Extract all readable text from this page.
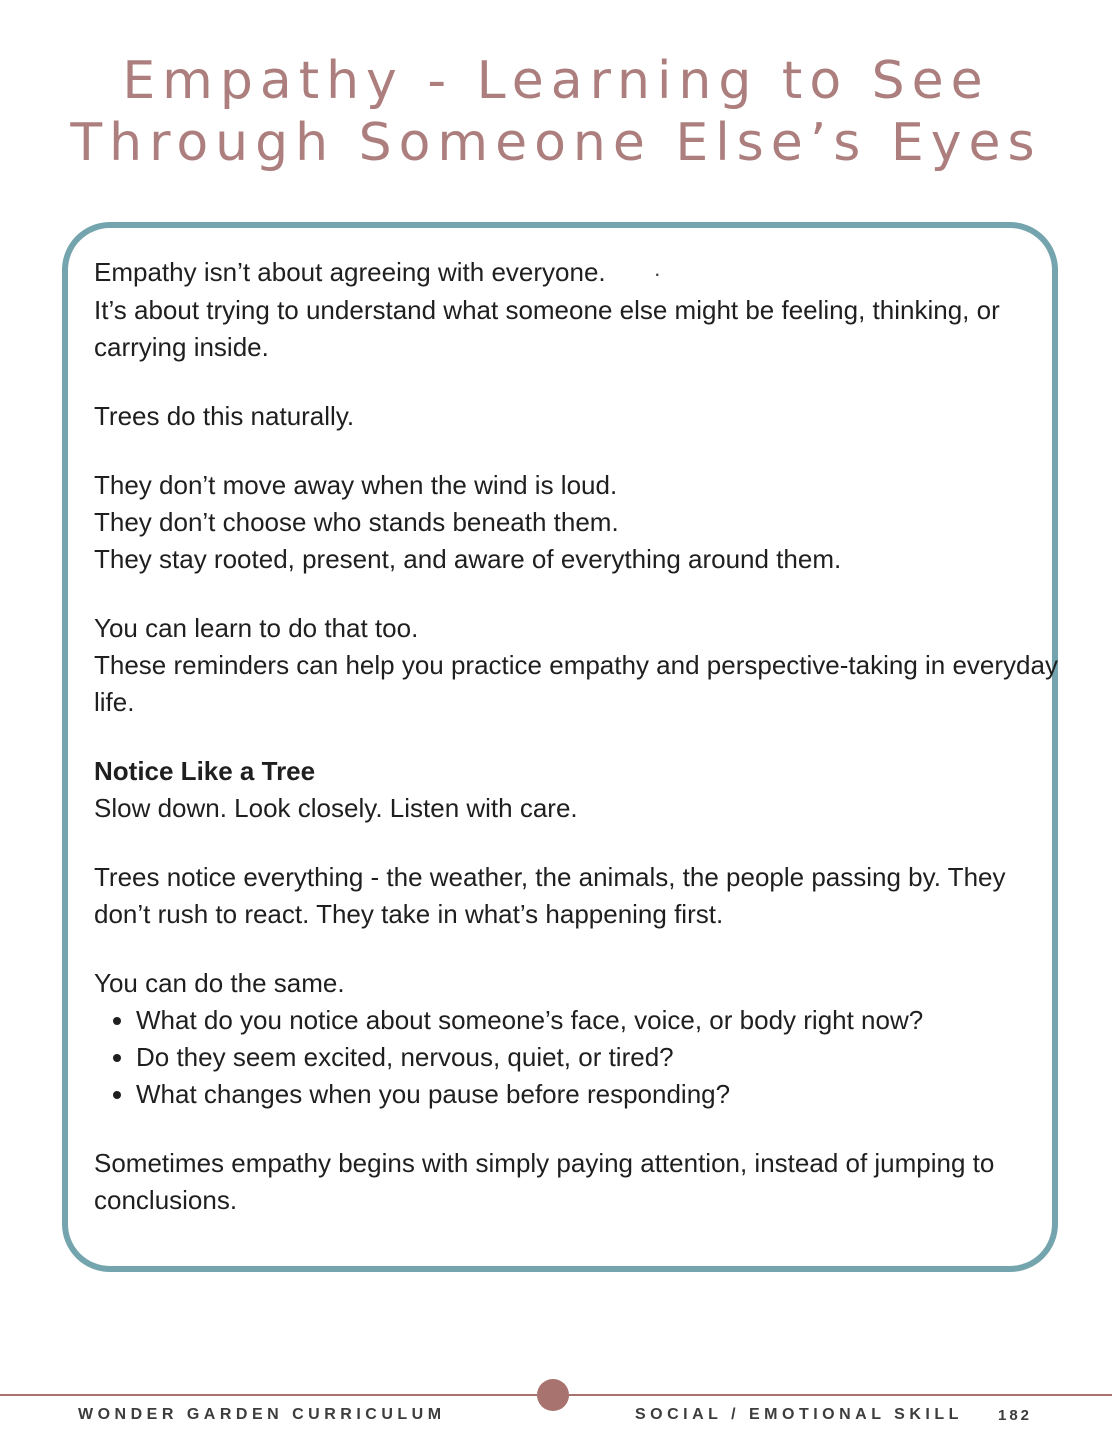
Empathy - Learning to See
Through Someone Else’s Eyes
Empathy isn’t about agreeing with everyone. ·
It’s about trying to understand what someone else might be feeling, thinking, or
carrying inside.
Trees do this naturally.
They don’t move away when the wind is loud.
They don’t choose who stands beneath them.
They stay rooted, present, and aware of everything around them.
You can learn to do that too.
These reminders can help you practice empathy and perspective-taking in everyday
life.
Notice Like a Tree
Slow down. Look closely. Listen with care.
Trees notice everything - the weather, the animals, the people passing by. They
don’t rush to react. They take in what’s happening first.
You can do the same.
• What do you notice about someone’s face, voice, or body right now?
• Do they seem excited, nervous, quiet, or tired?
• What changes when you pause before responding?
Sometimes empathy begins with simply paying attention, instead of jumping to
conclusions.
WONDER GARDEN CURRICULUM	SOCIAL / EMOTIONAL SKILL 182
